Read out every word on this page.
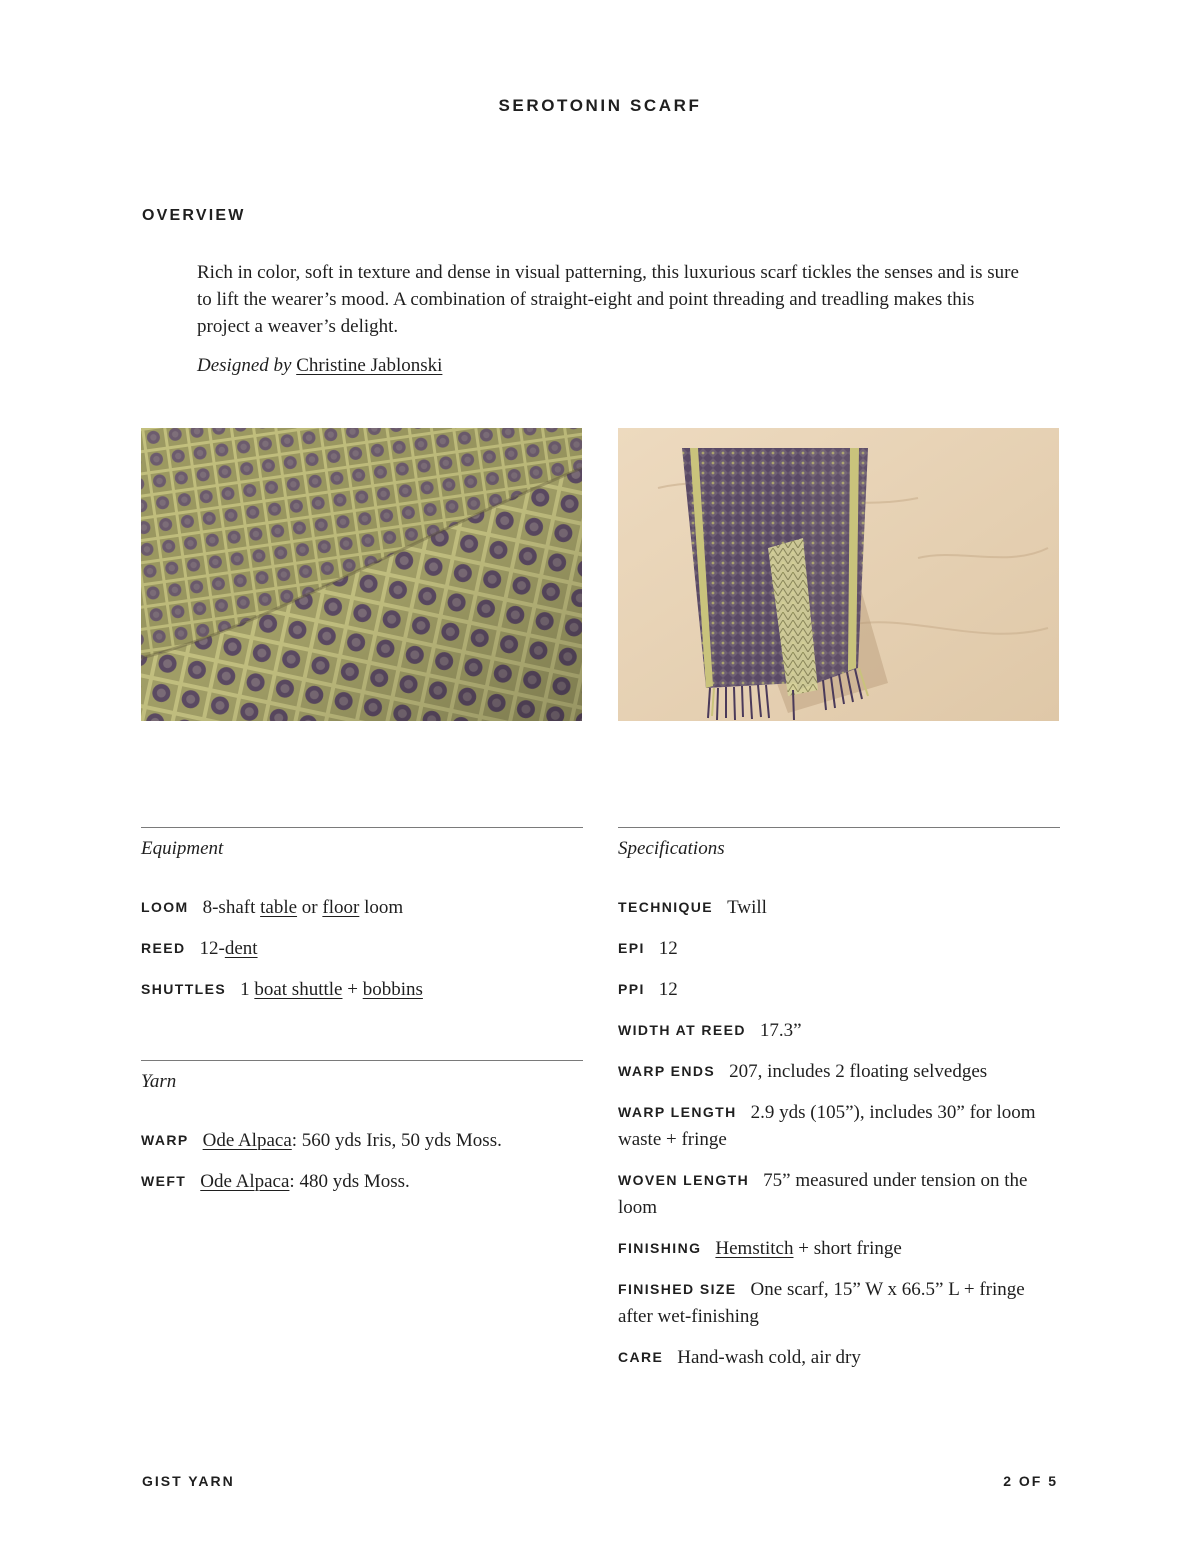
SEROTONIN SCARF
OVERVIEW
Rich in color, soft in texture and dense in visual patterning, this luxurious scarf tickles the senses and is sure to lift the wearer’s mood. A combination of straight-eight and point threading and treadling makes this project a weaver’s delight.
Designed by Christine Jablonski
Equipment
LOOM 8-shaft table or floor loom
REED 12-dent
SHUTTLES 1 boat shuttle + bobbins
Yarn
WARP Ode Alpaca: 560 yds Iris, 50 yds Moss.
WEFT Ode Alpaca: 480 yds Moss.
Specifications
TECHNIQUE Twill
EPI 12
PPI 12
WIDTH AT REED 17.3”
WARP ENDS 207, includes 2 floating selvedges
WARP LENGTH 2.9 yds (105”), includes 30” for loom waste + fringe
WOVEN LENGTH 75” measured under tension on the loom
FINISHING Hemstitch + short fringe
FINISHED SIZE One scarf, 15” W x 66.5” L + fringe after wet-finishing
CARE Hand-wash cold, air dry
GIST YARN	2 OF 5
